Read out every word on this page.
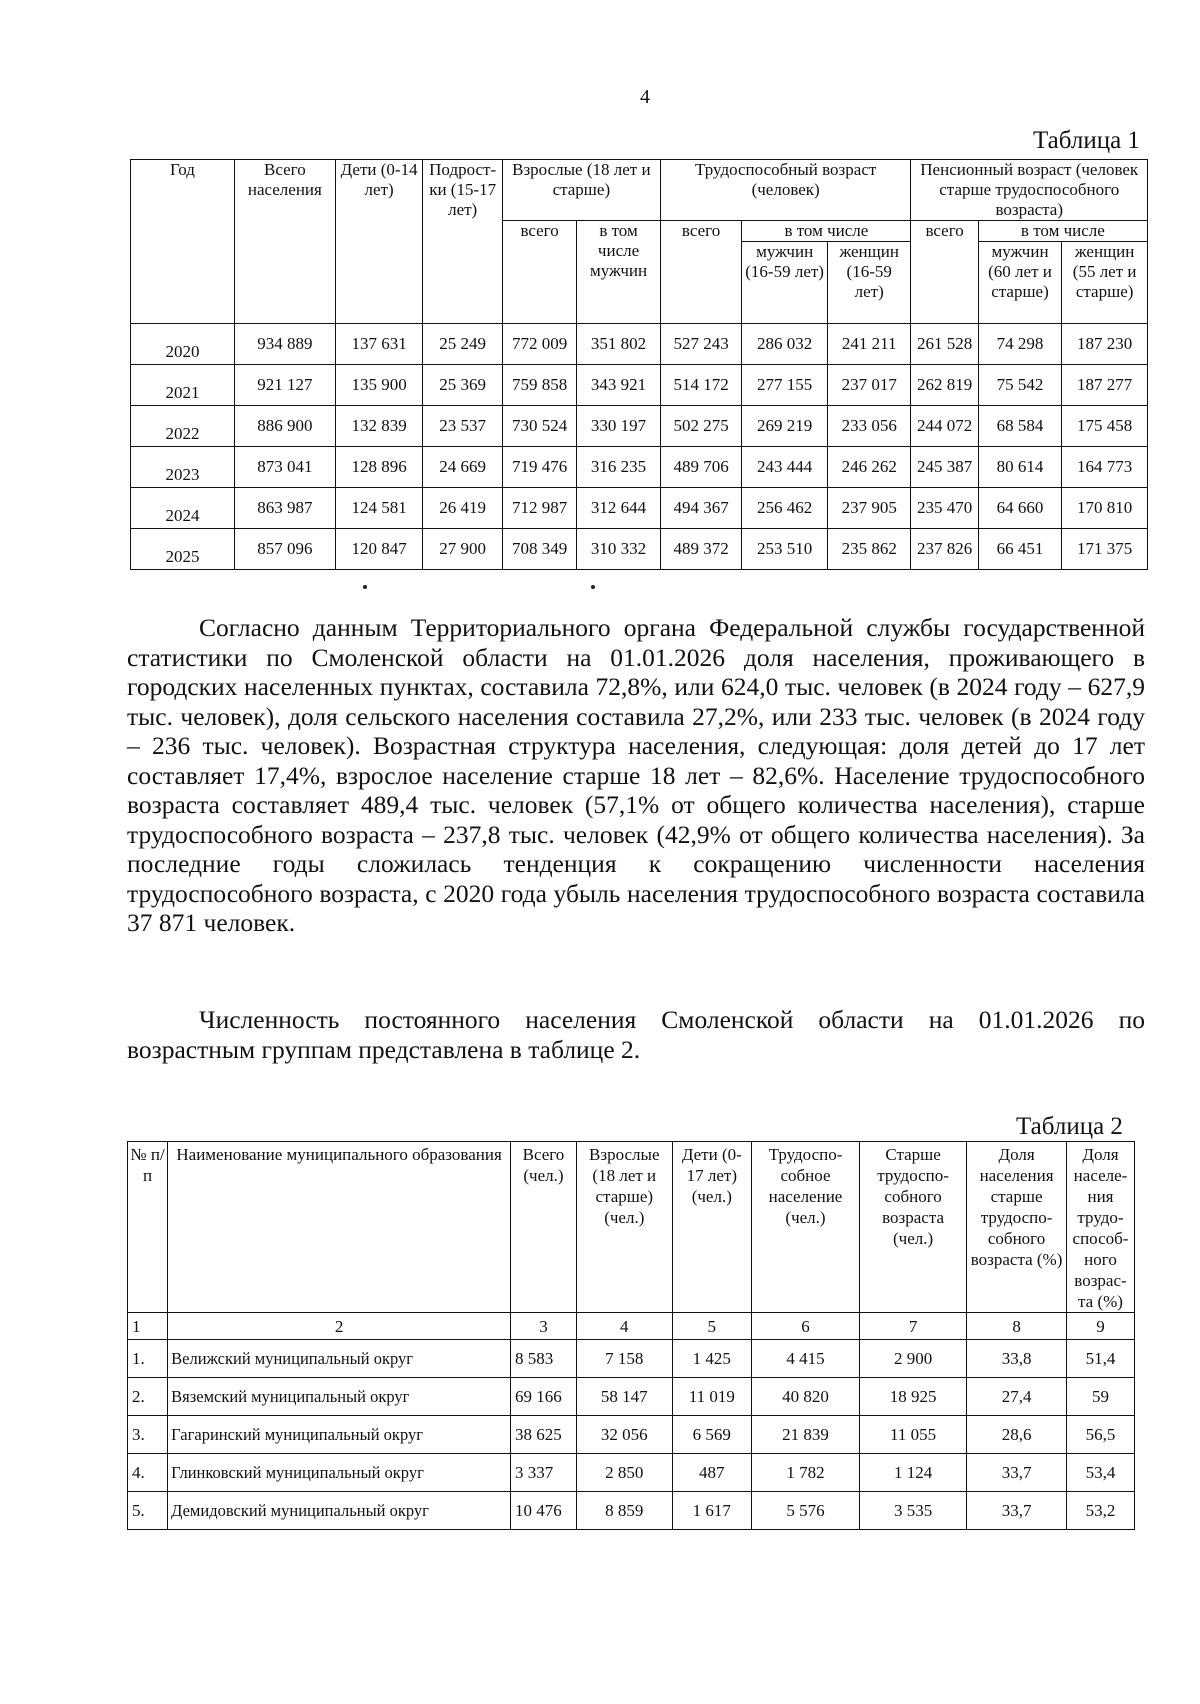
4
Таблица 1
Год	Всего населения	Дети (0-14 лет)	Подрост-ки (15-17 лет)	Взрослые (18 лет и старше)		Трудоспособный возраст (человек)			Пенсионный возраст (человек старше трудоспособного возраста)		
				всего	в том числе мужчин	всего	в том числе		всего	в том числе	
							мужчин (16-59 лет)	женщин (16-59 лет)		мужчин (60 лет и старше)	женщин (55 лет и старше)
2020	934 889	137 631	25 249	772 009	351 802	527 243	286 032	241 211	261 528	74 298	187 230
2021	921 127	135 900	25 369	759 858	343 921	514 172	277 155	237 017	262 819	75 542	187 277
2022	886 900	132 839	23 537	730 524	330 197	502 275	269 219	233 056	244 072	68 584	175 458
2023	873 041	128 896	24 669	719 476	316 235	489 706	243 444	246 262	245 387	80 614	164 773
2024	863 987	124 581	26 419	712 987	312 644	494 367	256 462	237 905	235 470	64 660	170 810
2025	857 096	120 847	27 900	708 349	310 332	489 372	253 510	235 862	237 826	66 451	171 375

Согласно данным Территориального органа Федеральной службы государственной статистики по Смоленской области на 01.01.2026 доля населения, проживающего в городских населенных пунктах, составила 72,8%, или 624,0 тыс. человек (в 2024 году – 627,9 тыс. человек), доля сельского населения составила 27,2%, или 233 тыс. человек (в 2024 году – 236 тыс. человек). Возрастная структура населения, следующая: доля детей до 17 лет составляет 17,4%, взрослое население старше 18 лет – 82,6%. Население трудоспособного возраста составляет 489,4 тыс. человек (57,1% от общего количества населения), старше трудоспособного возраста – 237,8 тыс. человек (42,9% от общего количества населения). За последние годы сложилась тенденция к сокращению численности населения трудоспособного возраста, с 2020 года убыль населения трудоспособного возраста составила 37 871 человек.

Численность постоянного населения Смоленской области на 01.01.2026 по возрастным группам представлена в таблице 2.

Таблица 2
№ п/п	Наименование муниципального образования	Всего (чел.)	Взрослые (18 лет и старше) (чел.)	Дети (0-17 лет) (чел.)	Трудоспо-собное население (чел.)	Старше трудоспо-собного возраста (чел.)	Доля населения старше трудоспо-собного возраста (%)	Доля населе-ния трудо-способ-ного возрас-та (%)
1	2	3	4	5	6	7	8	9
1.	Велижский муниципальный округ	8 583	7 158	1 425	4 415	2 900	33,8	51,4
2.	Вяземский муниципальный округ	69 166	58 147	11 019	40 820	18 925	27,4	59
3.	Гагаринский муниципальный округ	38 625	32 056	6 569	21 839	11 055	28,6	56,5
4.	Глинковский муниципальный округ	3 337	2 850	487	1 782	1 124	33,7	53,4
5.	Демидовский муниципальный округ	10 476	8 859	1 617	5 576	3 535	33,7	53,2
